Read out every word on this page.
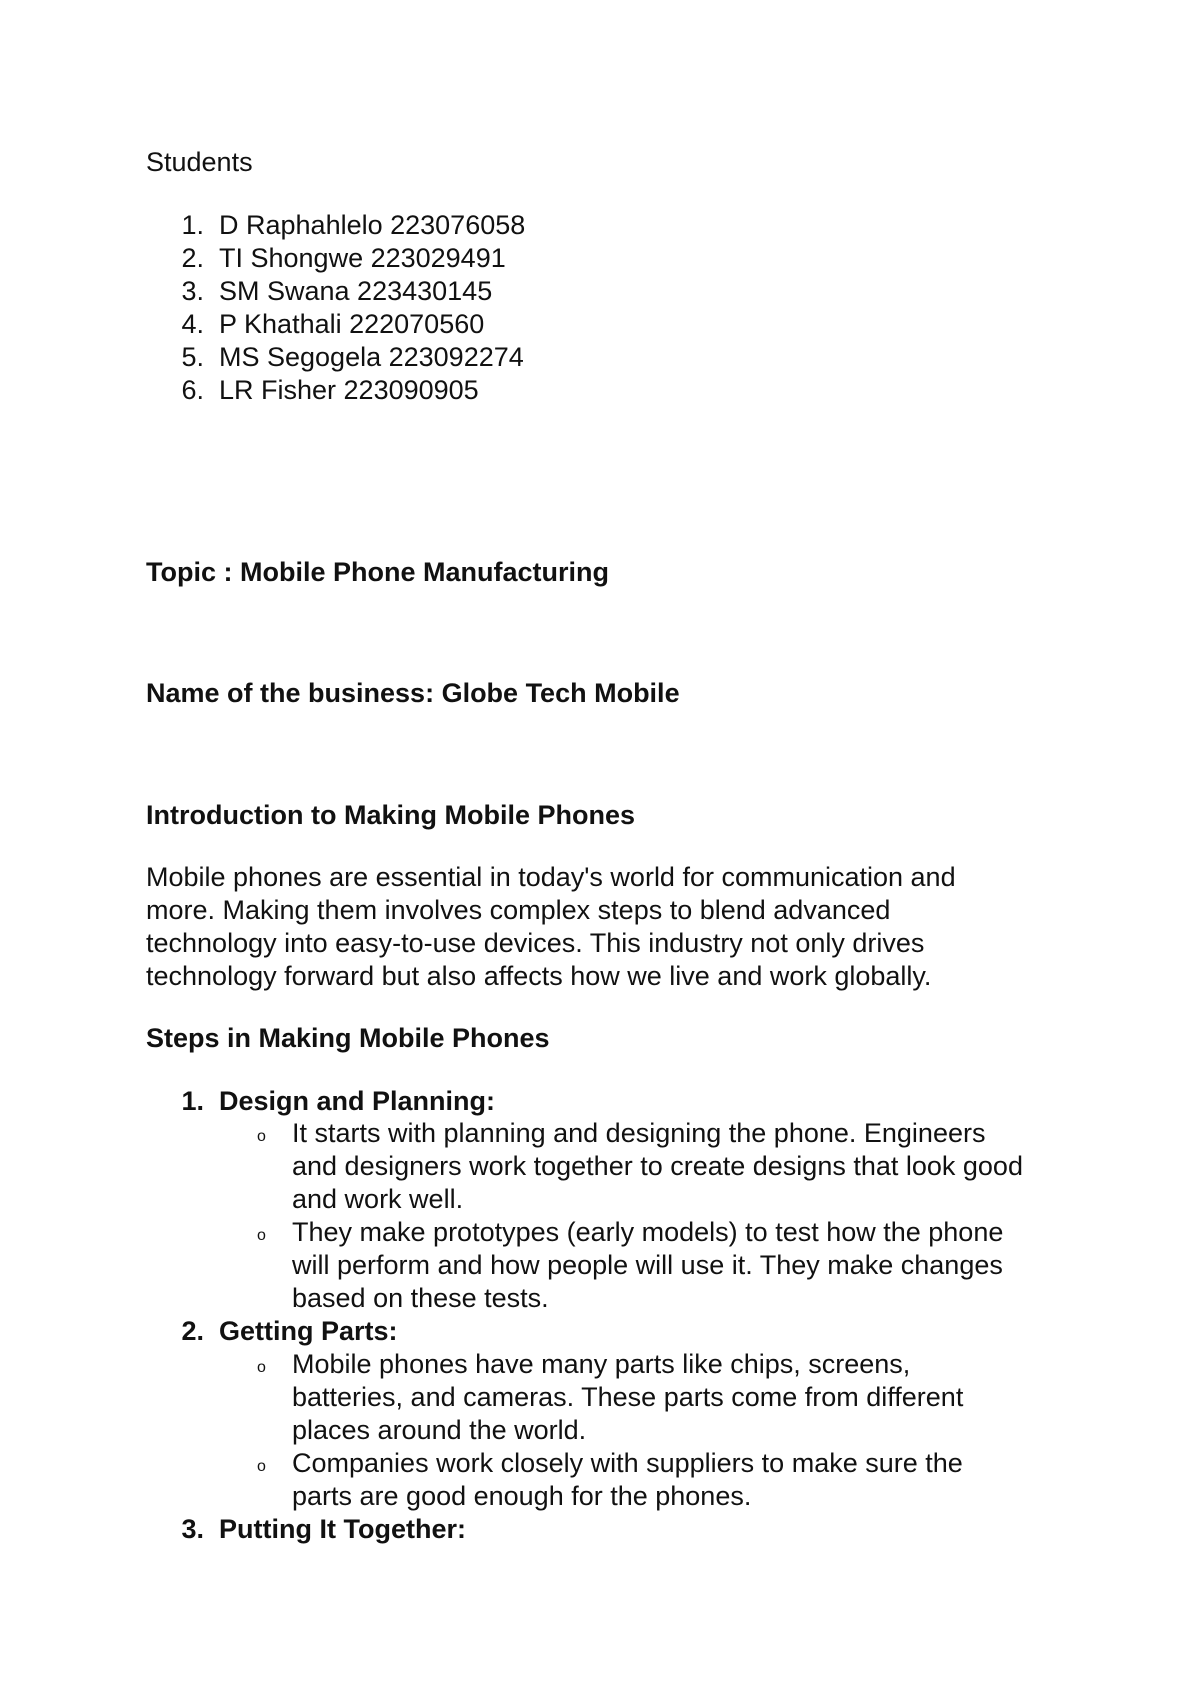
Students
1. D Raphahlelo 223076058
2. TI Shongwe 223029491
3. SM Swana 223430145
4. P Khathali 222070560
5. MS Segogela 223092274
6. LR Fisher 223090905
Topic : Mobile Phone Manufacturing
Name of the business: Globe Tech Mobile
Introduction to Making Mobile Phones
Mobile phones are essential in today's world for communication and
more. Making them involves complex steps to blend advanced
technology into easy-to-use devices. This industry not only drives
technology forward but also affects how we live and work globally.
Steps in Making Mobile Phones
1. Design and Planning:
o It starts with planning and designing the phone. Engineers
and designers work together to create designs that look good
and work well.
o They make prototypes (early models) to test how the phone
will perform and how people will use it. They make changes
based on these tests.
2. Getting Parts:
o Mobile phones have many parts like chips, screens,
batteries, and cameras. These parts come from different
places around the world.
o Companies work closely with suppliers to make sure the
parts are good enough for the phones.
3. Putting It Together:
